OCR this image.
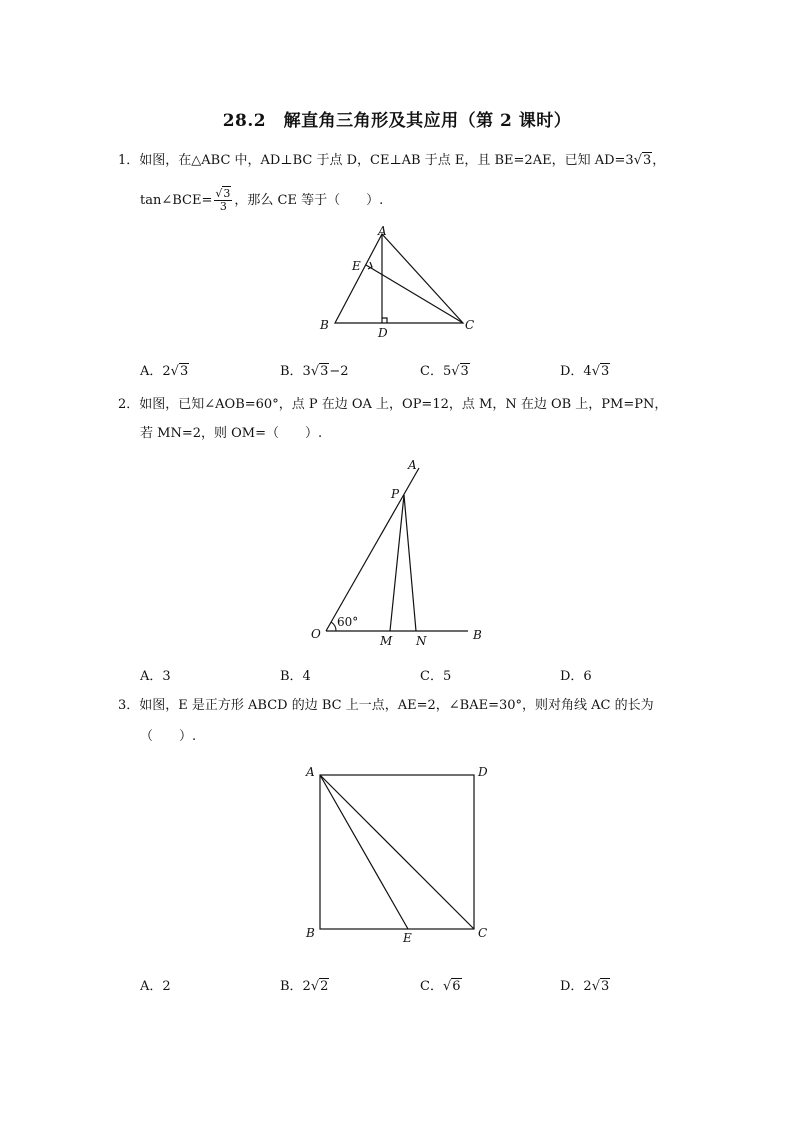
28.2　解直角三角形及其应用（第 2 课时）
1．如图，在△ABC 中，AD⊥BC 于点 D，CE⊥AB 于点 E，且 BE=2AE，已知 AD=3√3，
tan∠BCE= $\frac{√3}{3}$ ，那么 CE 等于（　　）.
A
E
B
D
C
A．2√3	B．3√3−2	C．5√3	D．4√3
2．如图，已知∠AOB=60°，点 P 在边 OA 上，OP=12，点 M，N 在边 OB 上，PM=PN，
若 MN=2，则 OM=（　　）.
A
P
60°
O	M N	B
A．3	B．4	C．5	D．6
3．如图，E 是正方形 ABCD 的边 BC 上一点，AE=2，∠BAE=30°，则对角线 AC 的长为
（　　）.
A	D
B	E	C
A．2	B．2√2	C．√6	D．2√3
